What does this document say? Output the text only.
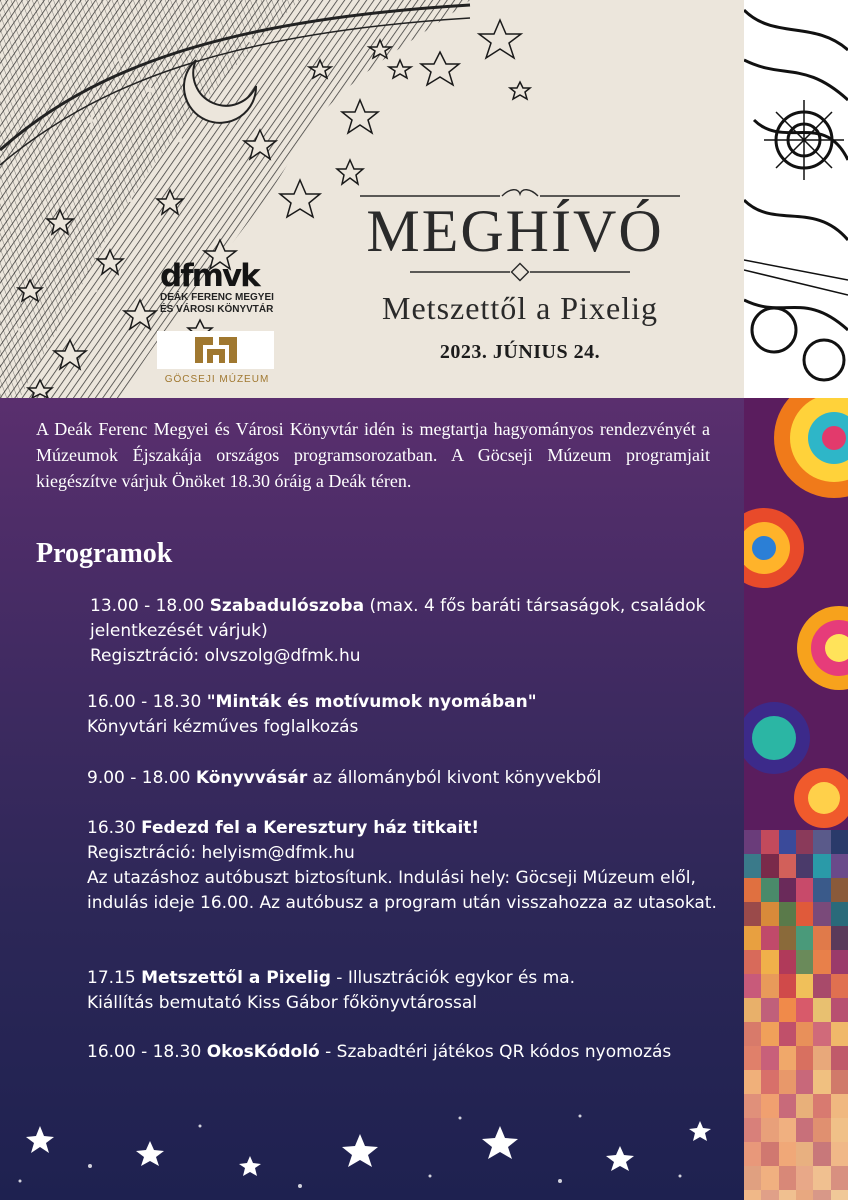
dfmvk
DEÁK FERENC MEGYEI
ÉS VÁROSI KÖNYVTÁR
GÖCSEJI MÚZEUM
MEGHÍVÓ
Metszettől a Pixelig
2023. JÚNIUS 24.
A Deák Ferenc Megyei és Városi Könyvtár idén is megtartja hagyományos rendezvényét a Múzeumok Éjszakája országos programsorozatban. A Göcseji Múzeum programjait kiegészítve várjuk Önöket 18.30 óráig a Deák téren.
Programok
13.00 - 18.00 Szabadulószoba (max. 4 fős baráti társaságok, családok jelentkezését várjuk)
Regisztráció: olvszolg@dfmk.hu
16.00 - 18.30 "Minták és motívumok nyomában"
Könyvtári kézműves foglalkozás
9.00 - 18.00 Könyvvásár az állományból kivont könyvekből
16.30 Fedezd fel a Keresztury ház titkait!
Regisztráció: helyism@dfmk.hu
Az utazáshoz autóbuszt biztosítunk. Indulási hely: Göcseji Múzeum elől, indulás ideje 16.00. Az autóbusz a program után visszahozza az utasokat.
17.15 Metszettől a Pixelig - Illusztrációk egykor és ma.
Kiállítás bemutató Kiss Gábor főkönyvtárossal
16.00 - 18.30 OkosKódoló - Szabadtéri játékos QR kódos nyomozás
